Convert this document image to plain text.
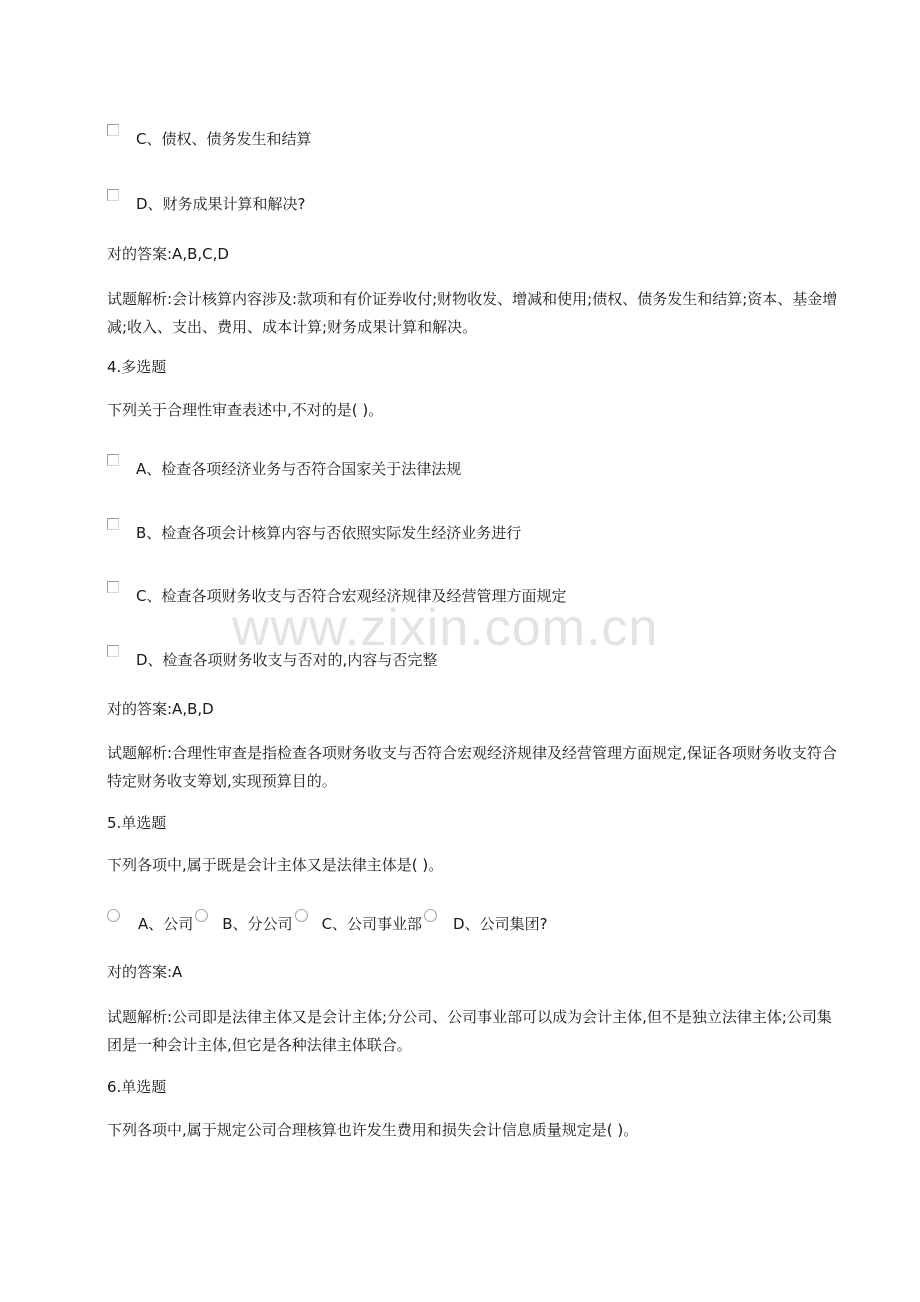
www.zixin.com.cn
C、债权、债务发生和结算
D、财务成果计算和解决?
对的答案:A,B,C,D
试题解析:会计核算内容涉及:款项和有价证券收付;财物收发、增减和使用;债权、债务发生和结算;资本、基金增减;收入、支出、费用、成本计算;财务成果计算和解决。
4.多选题
下列关于合理性审查表述中,不对的是( )。
A、检查各项经济业务与否符合国家关于法律法规
B、检查各项会计核算内容与否依照实际发生经济业务进行
C、检查各项财务收支与否符合宏观经济规律及经营管理方面规定
D、检查各项财务收支与否对的,内容与否完整
对的答案:A,B,D
试题解析:合理性审查是指检查各项财务收支与否符合宏观经济规律及经营管理方面规定,保证各项财务收支符合特定财务收支筹划,实现预算目的。
5.单选题
下列各项中,属于既是会计主体又是法律主体是( )。
A、公司 B、分公司 C、公司事业部 D、公司集团?
对的答案:A
试题解析:公司即是法律主体又是会计主体;分公司、公司事业部可以成为会计主体,但不是独立法律主体;公司集团是一种会计主体,但它是各种法律主体联合。
6.单选题
下列各项中,属于规定公司合理核算也许发生费用和损失会计信息质量规定是( )。
